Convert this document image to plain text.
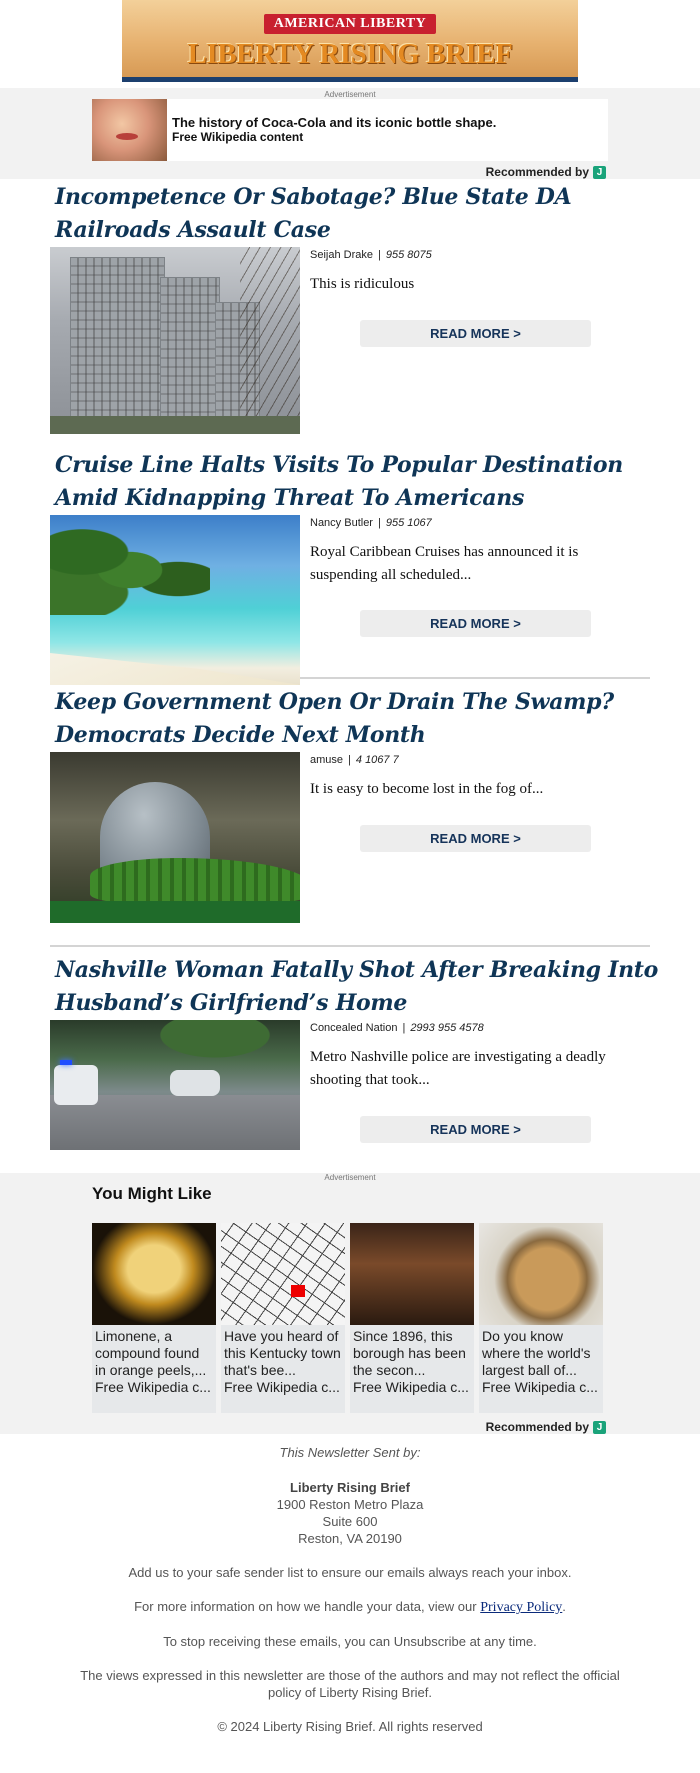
AMERICAN LIBERTY
LIBERTY RISING BRIEF
Advertisement
The history of Coca-Cola and its iconic bottle shape.
Free Wikipedia content
Recommended by J
Incompetence Or Sabotage? Blue State DA Railroads Assault Case
Seijah Drake | 955 8075
This is ridiculous
READ MORE >
Cruise Line Halts Visits To Popular Destination Amid Kidnapping Threat To Americans
Nancy Butler | 955 1067
Royal Caribbean Cruises has announced it is suspending all scheduled...
READ MORE >
Keep Government Open Or Drain The Swamp? Democrats Decide Next Month
amuse | 4 1067 7
It is easy to become lost in the fog of...
READ MORE >
Nashville Woman Fatally Shot After Breaking Into Husband’s Girlfriend’s Home
Concealed Nation | 2993 955 4578
Metro Nashville police are investigating a deadly shooting that took...
READ MORE >
Advertisement
You Might Like
Limonene, a compound found in orange peels,...
Free Wikipedia c...
Have you heard of this Kentucky town that's bee...
Free Wikipedia c...
Since 1896, this borough has been the secon...
Free Wikipedia c...
Do you know where the world's largest ball of...
Free Wikipedia c...
Recommended by J
This Newsletter Sent by:
Liberty Rising Brief
1900 Reston Metro Plaza
Suite 600
Reston, VA 20190

Add us to your safe sender list to ensure our emails always reach your inbox.

For more information on how we handle your data, view our Privacy Policy.

To stop receiving these emails, you can Unsubscribe at any time.

The views expressed in this newsletter are those of the authors and may not reflect the official policy of Liberty Rising Brief.

© 2024 Liberty Rising Brief. All rights reserved
